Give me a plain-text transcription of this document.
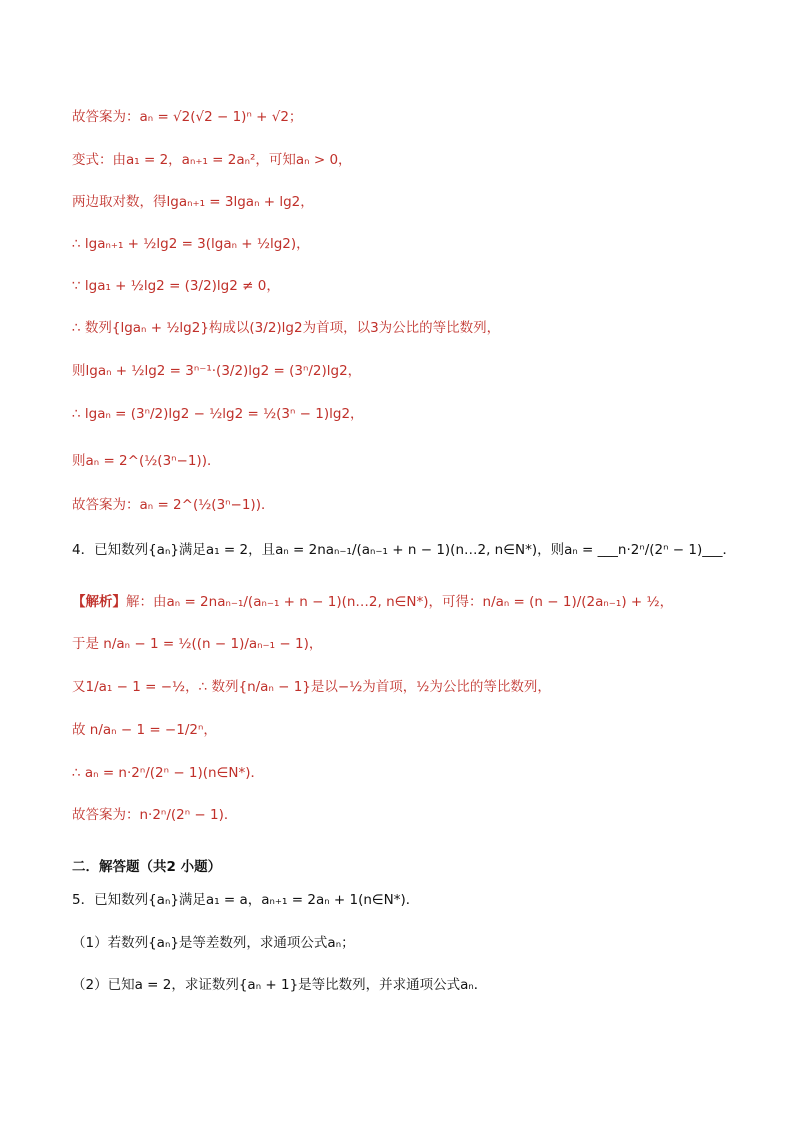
故答案为：aₙ = √2(√2 − 1)ⁿ + √2；
变式：由a₁ = 2，aₙ₊₁ = 2aₙ²，可知aₙ > 0，
两边取对数，得lgaₙ₊₁ = 3lgaₙ + lg2，
∴ lgaₙ₊₁ + ½lg2 = 3(lgaₙ + ½lg2)，
∵ lga₁ + ½lg2 = (3/2)lg2 ≠ 0，
∴ 数列{lgaₙ + ½lg2}构成以(3/2)lg2为首项，以3为公比的等比数列，
则lgaₙ + ½lg2 = 3ⁿ⁻¹·(3/2)lg2 = (3ⁿ/2)lg2，
∴ lgaₙ = (3ⁿ/2)lg2 − ½lg2 = ½(3ⁿ − 1)lg2，
则aₙ = 2^(½(3ⁿ−1))．
故答案为：aₙ = 2^(½(3ⁿ−1))．
4．已知数列{aₙ}满足a₁ = 2，且aₙ = 2naₙ₋₁/(aₙ₋₁ + n − 1)(n…2, n∈N*)，则aₙ = ___n·2ⁿ/(2ⁿ − 1)___．
【解析】解：由aₙ = 2naₙ₋₁/(aₙ₋₁ + n − 1)(n…2, n∈N*)，可得：n/aₙ = (n − 1)/(2aₙ₋₁) + ½，
于是 n/aₙ − 1 = ½((n − 1)/aₙ₋₁ − 1)，
又1/a₁ − 1 = −½，∴ 数列{n/aₙ − 1}是以−½为首项，½为公比的等比数列，
故 n/aₙ − 1 = −1/2ⁿ，
∴ aₙ = n·2ⁿ/(2ⁿ − 1)(n∈N*)．
故答案为：n·2ⁿ/(2ⁿ − 1)．
二．解答题（共2 小题）
5．已知数列{aₙ}满足a₁ = a，aₙ₊₁ = 2aₙ + 1(n∈N*)．
（1）若数列{aₙ}是等差数列，求通项公式aₙ；
（2）已知a = 2，求证数列{aₙ + 1}是等比数列，并求通项公式aₙ．
